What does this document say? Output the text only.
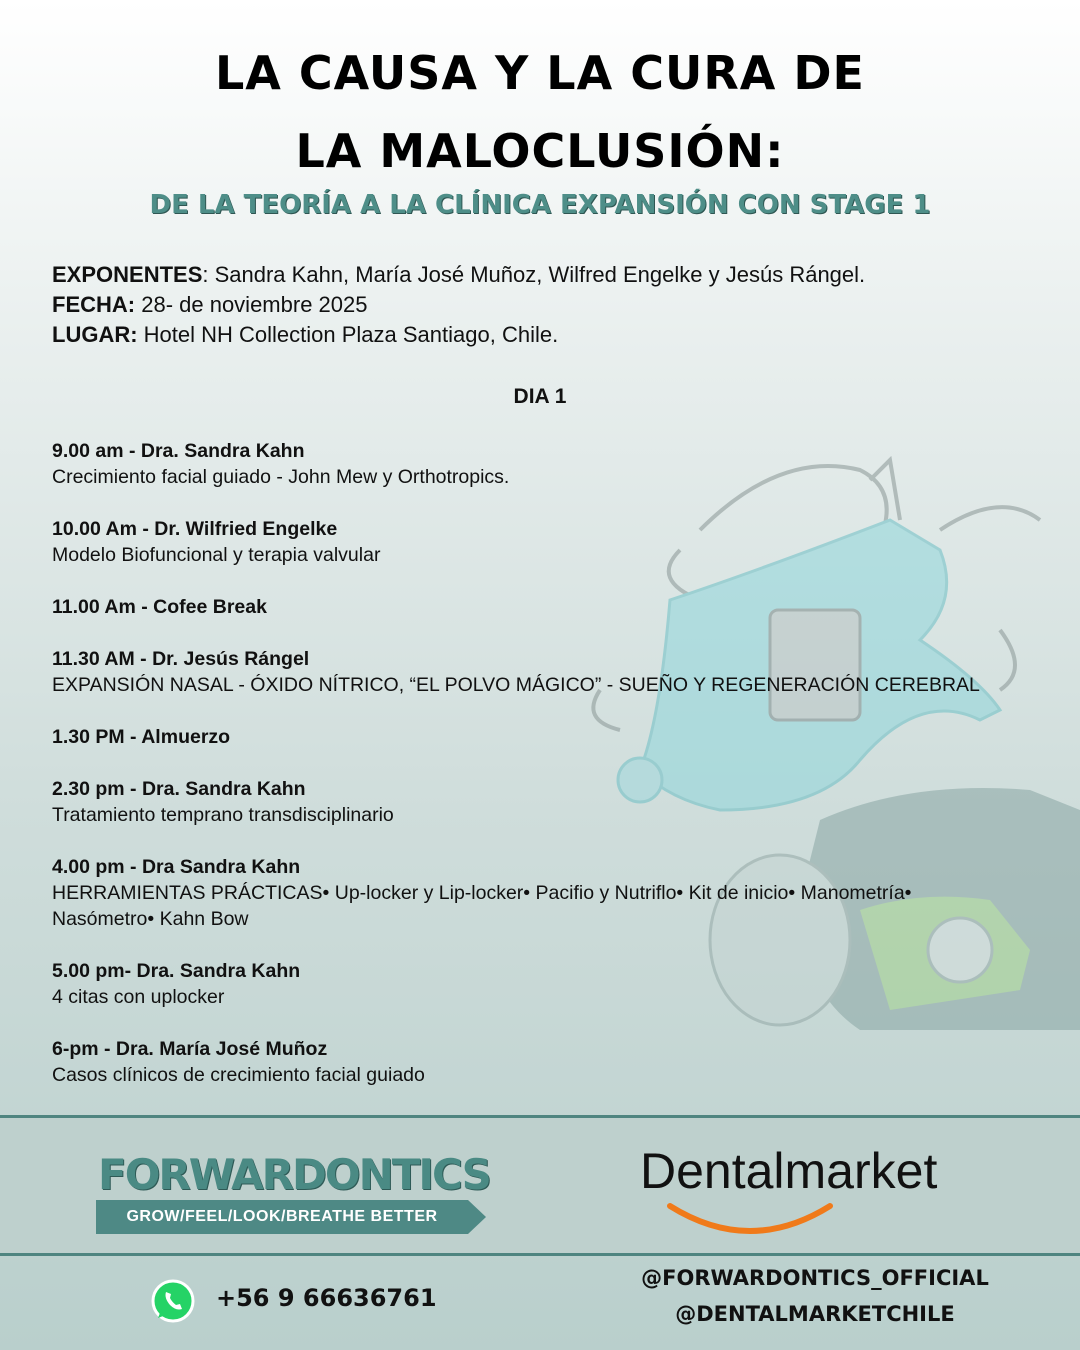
LA CAUSA Y LA CURA DE
LA MALOCLUSIÓN:
DE LA TEORÍA A LA CLÍNICA EXPANSIÓN CON STAGE 1
EXPONENTES: Sandra Kahn, María José Muñoz, Wilfred Engelke y Jesús Rángel.
FECHA: 28- de noviembre 2025
LUGAR: Hotel NH Collection Plaza Santiago, Chile.
DIA 1
9.00 am - Dra. Sandra Kahn
Crecimiento facial guiado - John Mew y Orthotropics.
10.00 Am - Dr. Wilfried Engelke
Modelo Biofuncional y terapia valvular
11.00 Am - Cofee Break
11.30 AM - Dr. Jesús Rángel
EXPANSIÓN NASAL - ÓXIDO NÍTRICO, “EL POLVO MÁGICO” - SUEÑO Y REGENERACIÓN CEREBRAL
1.30 PM - Almuerzo
2.30 pm - Dra. Sandra Kahn
Tratamiento temprano transdisciplinario
4.00 pm - Dra Sandra Kahn
HERRAMIENTAS PRÁCTICAS• Up-locker y Lip-locker• Pacifio y Nutriflo• Kit de inicio• Manometría• Nasómetro• Kahn Bow
5.00 pm- Dra. Sandra Kahn
4 citas con uplocker
6-pm - Dra. María José Muñoz
Casos clínicos de crecimiento facial guiado
FORWARDONTICS
GROW/FEEL/LOOK/BREATHE BETTER
Dentalmarket
+56 9 66636761
@FORWARDONTICS_OFFICIAL
@DENTALMARKETCHILE
